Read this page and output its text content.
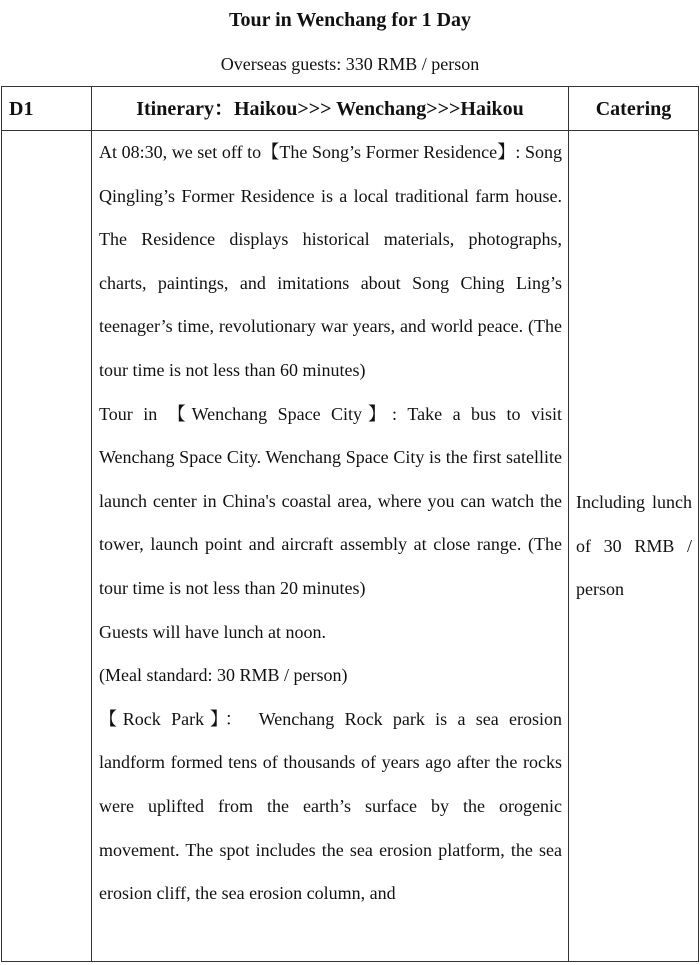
Tour in Wenchang for 1 Day
Overseas guests: 330 RMB / person
D1	Itinerary：Haikou>>> Wenchang>>>Haikou	Catering

	At 08:30, we set off to【The Song’s Former Residence】: Song Qingling’s Former Residence is a local traditional farm house. The Residence displays historical materials, photographs, charts, paintings, and imitations about Song Ching Ling’s teenager’s time, revolutionary war years, and world peace. (The tour time is not less than 60 minutes)

Tour in 【Wenchang Space City】: Take a bus to visit Wenchang Space City. Wenchang Space City is the first satellite launch center in China's coastal area, where you can watch the tower, launch point and aircraft assembly at close range. (The tour time is not less than 20 minutes)

Guests will have lunch at noon.

(Meal standard: 30 RMB / person)

【Rock Park】： Wenchang Rock park is a sea erosion landform formed tens of thousands of years ago after the rocks were uplifted from the earth’s surface by the orogenic movement. The spot includes the sea erosion platform, the sea erosion cliff, the sea erosion column, and	Including lunch of 30 RMB / person
